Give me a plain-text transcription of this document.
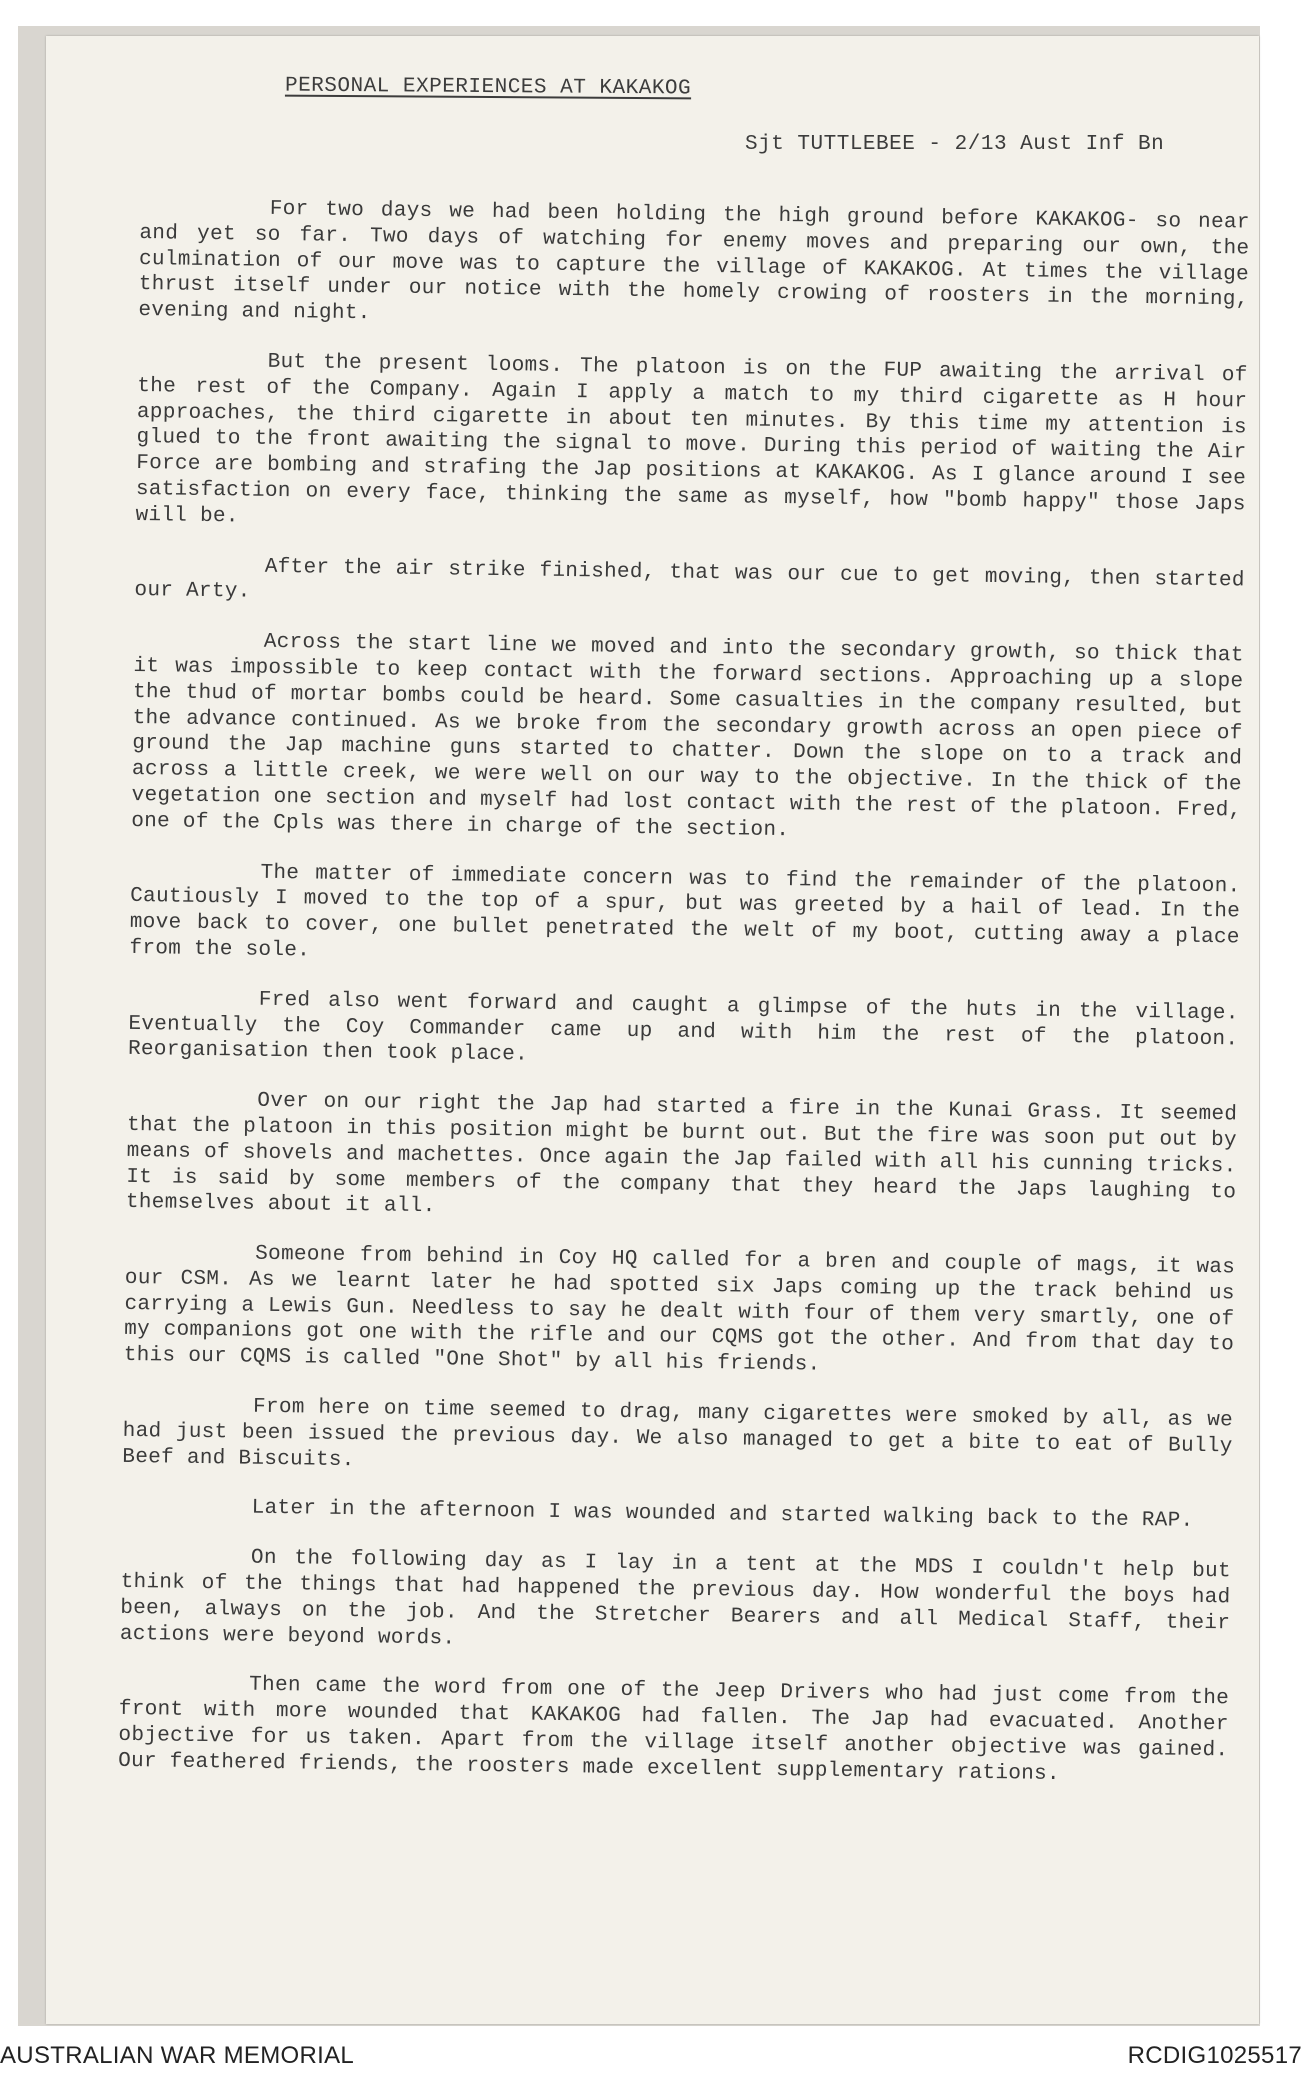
PERSONAL EXPERIENCES AT KAKAKOG
Sjt TUTTLEBEE - 2/13 Aust Inf Bn

For two days we had been holding the high ground before KAKAKOG- so near and yet so far. Two days of watching for enemy moves and preparing our own, the culmination of our move was to capture the village of KAKAKOG. At times the village thrust itself under our notice with the homely crowing of roosters in the morning, evening and night.

But the present looms. The platoon is on the FUP awaiting the arrival of the rest of the Company. Again I apply a match to my third cigarette as H hour approaches, the third cigarette in about ten minutes. By this time my attention is glued to the front awaiting the signal to move. During this period of waiting the Air Force are bombing and strafing the Jap positions at KAKAKOG. As I glance around I see satisfaction on every face, thinking the same as myself, how "bomb happy" those Japs will be.

After the air strike finished, that was our cue to get moving, then started our Arty.

Across the start line we moved and into the secondary growth, so thick that it was impossible to keep contact with the forward sections. Approaching up a slope the thud of mortar bombs could be heard. Some casualties in the company resulted, but the advance continued. As we broke from the secondary growth across an open piece of ground the Jap machine guns started to chatter. Down the slope on to a track and across a little creek, we were well on our way to the objective. In the thick of the vegetation one section and myself had lost contact with the rest of the platoon. Fred, one of the Cpls was there in charge of the section.

The matter of immediate concern was to find the remainder of the platoon. Cautiously I moved to the top of a spur, but was greeted by a hail of lead. In the move back to cover, one bullet penetrated the welt of my boot, cutting away a place from the sole.

Fred also went forward and caught a glimpse of the huts in the village. Eventually the Coy Commander came up and with him the rest of the platoon. Reorganisation then took place.

Over on our right the Jap had started a fire in the Kunai Grass. It seemed that the platoon in this position might be burnt out. But the fire was soon put out by means of shovels and machettes. Once again the Jap failed with all his cunning tricks. It is said by some members of the company that they heard the Japs laughing to themselves about it all.

Someone from behind in Coy HQ called for a bren and couple of mags, it was our CSM. As we learnt later he had spotted six Japs coming up the track behind us carrying a Lewis Gun. Needless to say he dealt with four of them very smartly, one of my companions got one with the rifle and our CQMS got the other. And from that day to this our CQMS is called "One Shot" by all his friends.

From here on time seemed to drag, many cigarettes were smoked by all, as we had just been issued the previous day. We also managed to get a bite to eat of Bully Beef and Biscuits.

Later in the afternoon I was wounded and started walking back to the RAP.

On the following day as I lay in a tent at the MDS I couldn't help but think of the things that had happened the previous day. How wonderful the boys had been, always on the job. And the Stretcher Bearers and all Medical Staff, their actions were beyond words.

Then came the word from one of the Jeep Drivers who had just come from the front with more wounded that KAKAKOG had fallen. The Jap had evacuated. Another objective for us taken. Apart from the village itself another objective was gained. Our feathered friends, the roosters made excellent supplementary rations.

AUSTRALIAN WAR MEMORIAL	RCDIG1025517
